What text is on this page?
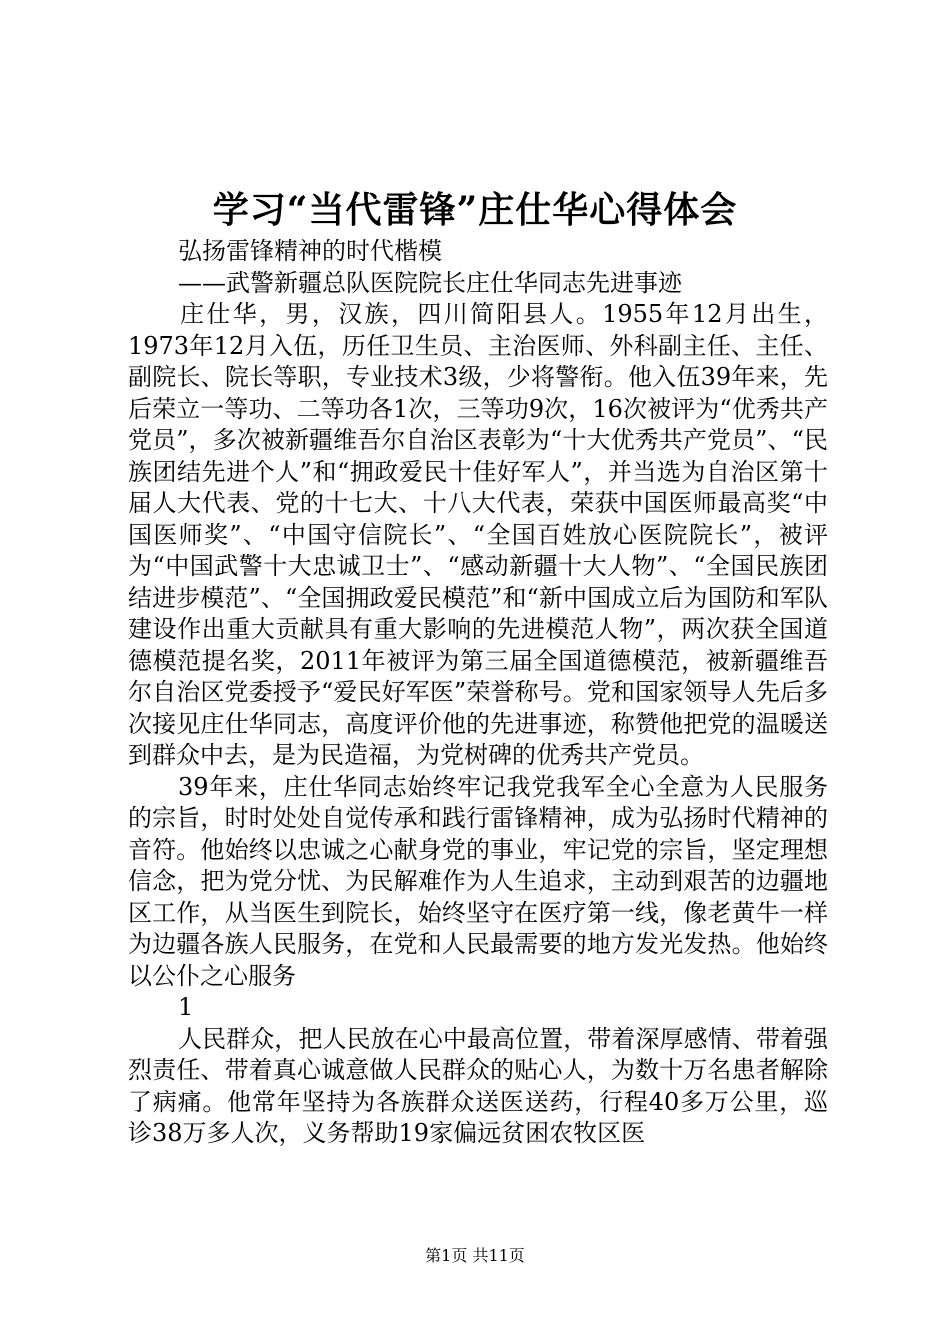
学习“当代雷锋”庄仕华心得体会

弘扬雷锋精神的时代楷模

——武警新疆总队医院院长庄仕华同志先进事迹

庄仕华，男，汉族，四川简阳县人。1955年12月出生，1973年12月入伍，历任卫生员、主治医师、外科副主任、主任、副院长、院长等职，专业技术3级，少将警衔。他入伍39年来，先后荣立一等功、二等功各1次，三等功9次，16次被评为“优秀共产党员”，多次被新疆维吾尔自治区表彰为“十大优秀共产党员”、“民族团结先进个人”和“拥政爱民十佳好军人”，并当选为自治区第十届人大代表、党的十七大、十八大代表，荣获中国医师最高奖“中国医师奖”、“中国守信院长”、“全国百姓放心医院院长”，被评为“中国武警十大忠诚卫士”、“感动新疆十大人物”、“全国民族团结进步模范”、“全国拥政爱民模范”和“新中国成立后为国防和军队建设作出重大贡献具有重大影响的先进模范人物”，两次获全国道德模范提名奖，2011年被评为第三届全国道德模范，被新疆维吾尔自治区党委授予“爱民好军医”荣誉称号。党和国家领导人先后多次接见庄仕华同志，高度评价他的先进事迹，称赞他把党的温暖送到群众中去，是为民造福，为党树碑的优秀共产党员。

39年来，庄仕华同志始终牢记我党我军全心全意为人民服务的宗旨，时时处处自觉传承和践行雷锋精神，成为弘扬时代精神的音符。他始终以忠诚之心献身党的事业，牢记党的宗旨，坚定理想信念，把为党分忧、为民解难作为人生追求，主动到艰苦的边疆地区工作，从当医生到院长，始终坚守在医疗第一线，像老黄牛一样为边疆各族人民服务，在党和人民最需要的地方发光发热。他始终以公仆之心服务

1

人民群众，把人民放在心中最高位置，带着深厚感情、带着强烈责任、带着真心诚意做人民群众的贴心人，为数十万名患者解除了病痛。他常年坚持为各族群众送医送药，行程40多万公里，巡诊38万多人次，义务帮助19家偏远贫困农牧区医

第1页 共11页
